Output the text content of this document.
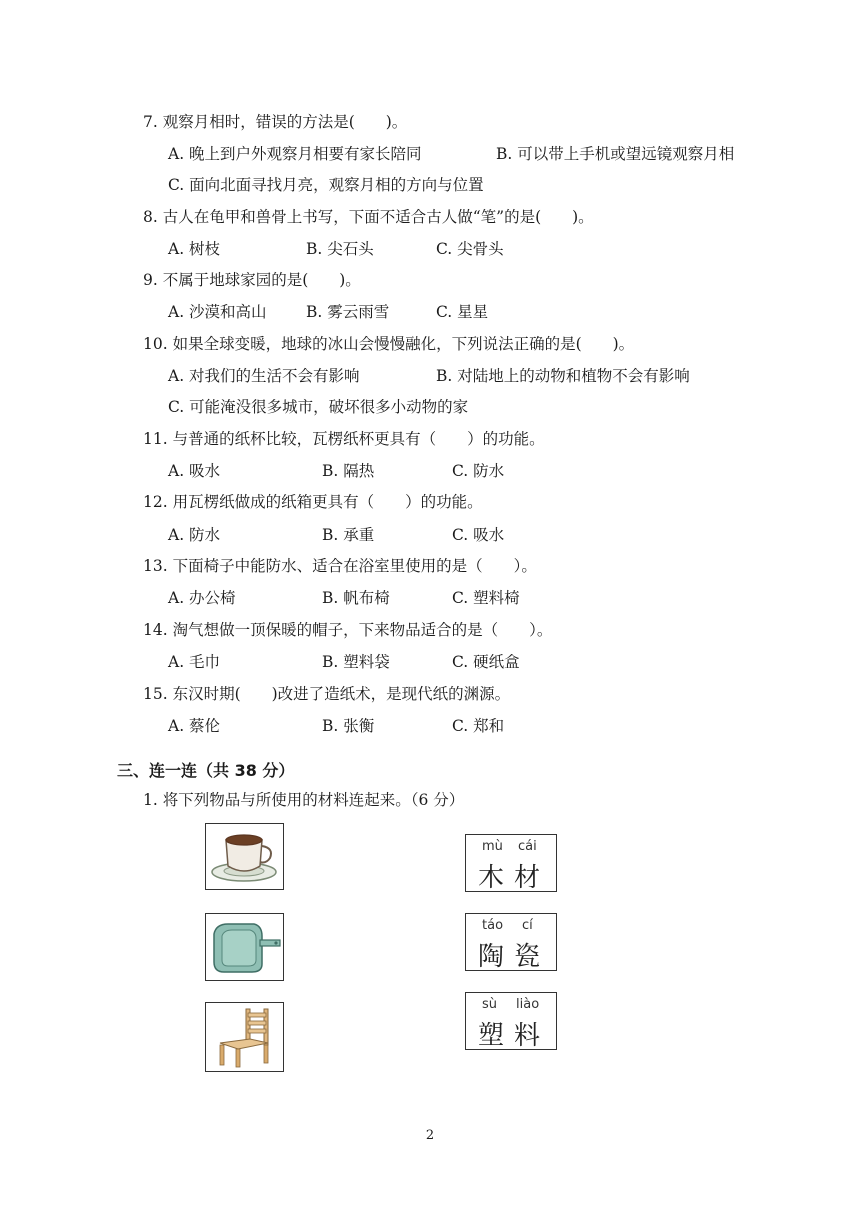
7. 观察月相时，错误的方法是(　　)。
A. 晚上到户外观察月相要有家长陪同	B. 可以带上手机或望远镜观察月相
C. 面向北面寻找月亮，观察月相的方向与位置
8. 古人在龟甲和兽骨上书写，下面不适合古人做“笔”的是(　　)。
A. 树枝	B. 尖石头	C. 尖骨头
9. 不属于地球家园的是(　　)。
A. 沙漠和高山	B. 雾云雨雪	C. 星星
10. 如果全球变暖，地球的冰山会慢慢融化，下列说法正确的是(　　)。
A. 对我们的生活不会有影响	B. 对陆地上的动物和植物不会有影响
C. 可能淹没很多城市，破坏很多小动物的家
11. 与普通的纸杯比较，瓦楞纸杯更具有（　　）的功能。
A. 吸水	B. 隔热	C. 防水
12. 用瓦楞纸做成的纸箱更具有（　　）的功能。
A. 防水	B. 承重	C. 吸水
13. 下面椅子中能防水、适合在浴室里使用的是（　　）。
A. 办公椅	B. 帆布椅	C. 塑料椅
14. 淘气想做一顶保暖的帽子，下来物品适合的是（　　）。
A. 毛巾	B. 塑料袋	C. 硬纸盒
15. 东汉时期(　　)改进了造纸术，是现代纸的渊源。
A. 蔡伦	B. 张衡	C. 郑和
三、连一连（共 38 分）
1. 将下列物品与所使用的材料连起来。（6 分）
mù cái
木 材
táo cí
陶 瓷
sù liào
塑 料
2
